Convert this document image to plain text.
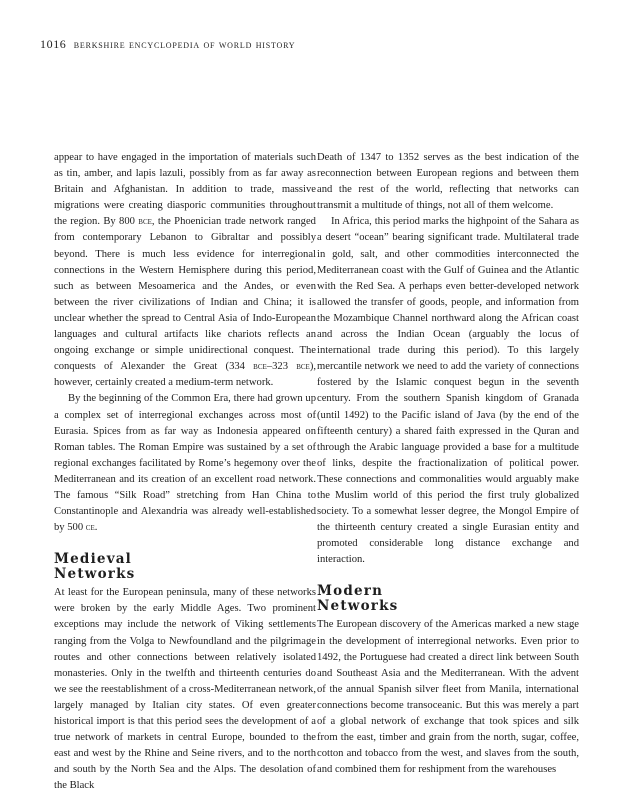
1016 berkshire encyclopedia of world history

appear to have engaged in the importation of materials such as tin, amber, and lapis lazuli, possibly from as far away as Britain and Afghanistan. In addition to trade, massive migrations were creating diasporic communities throughout the region. By 800 bce, the Phoenician trade network ranged from contemporary Lebanon to Gibraltar and possibly beyond. There is much less evidence for interregional connections in the Western Hemisphere during this period, such as between Mesoamerica and the Andes, or even between the river civilizations of Indian and China; it is unclear whether the spread to Central Asia of Indo-European languages and cultural artifacts like chariots reflects an ongoing exchange or simple unidirectional conquest. The conquests of Alexander the Great (334 bce–323 bce), however, certainly created a medium-term network.

By the beginning of the Common Era, there had grown up a complex set of interregional exchanges across most of Eurasia. Spices from as far way as Indonesia appeared on Roman tables. The Roman Empire was sustained by a set of regional exchanges facilitated by Rome’s hegemony over the Mediterranean and its creation of an excellent road network. The famous “Silk Road” stretching from Han China to Constantinople and Alexandria was already well-established by 500 ce.

Medieval
Networks

At least for the European peninsula, many of these networks were broken by the early Middle Ages. Two prominent exceptions may include the network of Viking settlements ranging from the Volga to Newfoundland and the pilgrimage routes and other connections between relatively isolated monasteries. Only in the twelfth and thirteenth centuries do we see the reestablishment of a cross-Mediterranean network, largely managed by Italian city states. Of even greater historical import is that this period sees the development of a true network of markets in central Europe, bounded to the east and west by the Rhine and Seine rivers, and to the north and south by the North Sea and the Alps. The desolation of the Black

Death of 1347 to 1352 serves as the best indication of the reconnection between European regions and between them and the rest of the world, reflecting that networks can transmit a multitude of things, not all of them welcome.

In Africa, this period marks the highpoint of the Sahara as a desert “ocean” bearing significant trade. Multilateral trade in gold, salt, and other commodities interconnected the Mediterranean coast with the Gulf of Guinea and the Atlantic with the Red Sea. A perhaps even better-developed network allowed the transfer of goods, people, and information from the Mozambique Channel northward along the African coast and across the Indian Ocean (arguably the locus of international trade during this period). To this largely mercantile network we need to add the variety of connections fostered by the Islamic conquest begun in the seventh century. From the southern Spanish kingdom of Granada (until 1492) to the Pacific island of Java (by the end of the fifteenth century) a shared faith expressed in the Quran and through the Arabic language provided a base for a multitude of links, despite the fractionalization of political power. These connections and commonalities would arguably make the Muslim world of this period the first truly globalized society. To a somewhat lesser degree, the Mongol Empire of the thirteenth century created a single Eurasian entity and promoted considerable long distance exchange and interaction.

Modern
Networks

The European discovery of the Americas marked a new stage in the development of interregional networks. Even prior to 1492, the Portuguese had created a direct link between South and Southeast Asia and the Mediterranean. With the advent of the annual Spanish silver fleet from Manila, international connections become transoceanic. But this was merely a part of a global network of exchange that took spices and silk from the east, timber and grain from the north, sugar, coffee, cotton and tobacco from the west, and slaves from the south, and combined them for reshipment from the warehouses
